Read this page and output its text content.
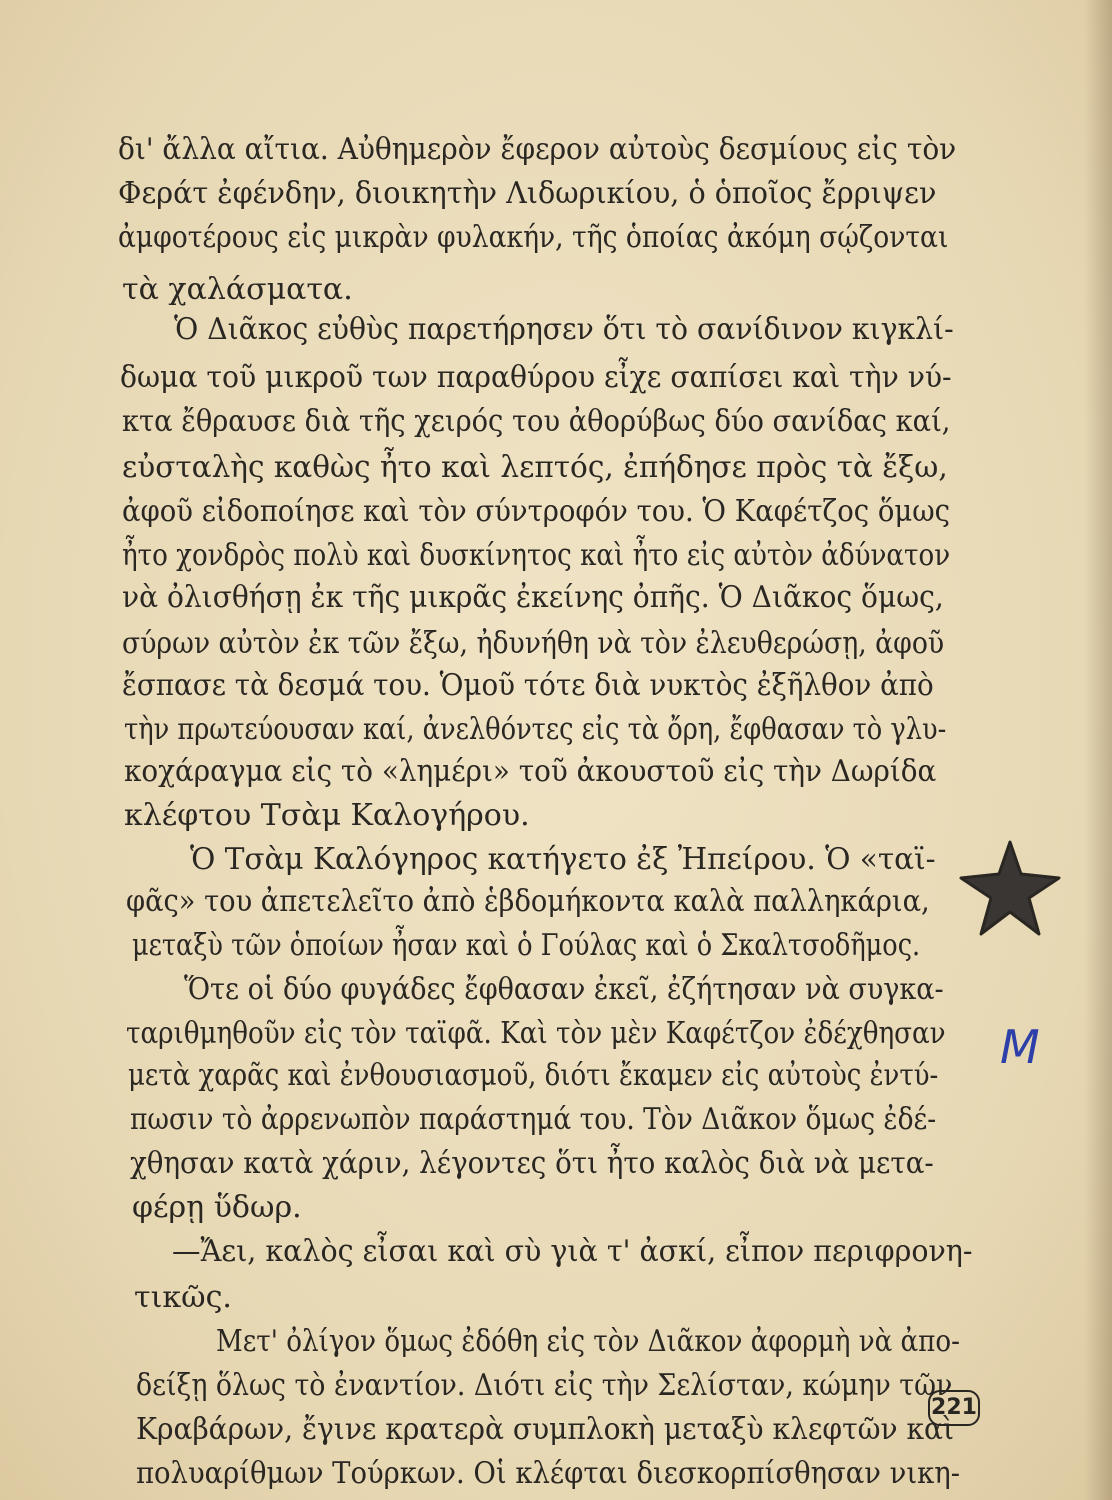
δι' ἄλλα αἴτια. Αὐθημερὸν ἔφερον αὐτοὺς δεσμίους εἰς τὸν
Φεράτ ἐφένδην, διοικητὴν Λιδωρικίου, ὁ ὁποῖος ἔρριψεν
ἀμφοτέρους εἰς μικρὰν φυλακήν, τῆς ὁποίας ἀκόμη σῴζονται
τὰ χαλάσματα.
Ὁ Διᾶκος εὐθὺς παρετήρησεν ὅτι τὸ σανίδινον κιγκλί-
δωμα τοῦ μικροῦ των παραθύρου εἶχε σαπίσει καὶ τὴν νύ-
κτα ἔθραυσε διὰ τῆς χειρός του ἀθορύβως δύο σανίδας καί,
εὐσταλὴς καθὼς ἦτο καὶ λεπτός, ἐπήδησε πρὸς τὰ ἔξω,
ἀφοῦ εἰδοποίησε καὶ τὸν σύντροφόν του. Ὁ Καφέτζος ὅμως
ἦτο χονδρὸς πολὺ καὶ δυσκίνητος καὶ ἦτο εἰς αὐτὸν ἀδύνατον
νὰ ὀλισθήσῃ ἐκ τῆς μικρᾶς ἐκείνης ὀπῆς. Ὁ Διᾶκος ὅμως,
σύρων αὐτὸν ἐκ τῶν ἔξω, ἠδυνήθη νὰ τὸν ἐλευθερώσῃ, ἀφοῦ
ἔσπασε τὰ δεσμά του. Ὁμοῦ τότε διὰ νυκτὸς ἐξῆλθον ἀπὸ
τὴν πρωτεύουσαν καί, ἀνελθόντες εἰς τὰ ὄρη, ἔφθασαν τὸ γλυ-
κοχάραγμα εἰς τὸ «λημέρι» τοῦ ἀκουστοῦ εἰς τὴν Δωρίδα
κλέφτου Τσὰμ Καλογήρου.
Ὁ Τσὰμ Καλόγηρος κατήγετο ἐξ Ἠπείρου. Ὁ «ταϊ-
φᾶς» του ἀπετελεῖτο ἀπὸ ἑβδομήκοντα καλὰ παλληκάρια,
μεταξὺ τῶν ὁποίων ἦσαν καὶ ὁ Γούλας καὶ ὁ Σκαλτσοδῆμος.
Ὅτε οἱ δύο φυγάδες ἔφθασαν ἐκεῖ, ἐζήτησαν νὰ συγκα-
ταριθμηθοῦν εἰς τὸν ταϊφᾶ. Καὶ τὸν μὲν Καφέτζον ἐδέχθησαν
μετὰ χαρᾶς καὶ ἐνθουσιασμοῦ, διότι ἔκαμεν εἰς αὐτοὺς ἐντύ-
πωσιν τὸ ἀρρενωπὸν παράστημά του. Τὸν Διᾶκον ὅμως ἐδέ-
χθησαν κατὰ χάριν, λέγοντες ὅτι ἦτο καλὸς διὰ νὰ μετα-
φέρῃ ὕδωρ.
—Ἄει, καλὸς εἶσαι καὶ σὺ γιὰ τ' ἀσκί, εἶπον περιφρονη-
τικῶς.
Μετ' ὀλίγον ὅμως ἐδόθη εἰς τὸν Διᾶκον ἀφορμὴ νὰ ἀπο-
δείξῃ ὅλως τὸ ἐναντίον. Διότι εἰς τὴν Σελίσταν, κώμην τῶν
Κραβάρων, ἔγινε κρατερὰ συμπλοκὴ μεταξὺ κλεφτῶν καὶ
πολυαρίθμων Τούρκων. Οἱ κλέφται διεσκορπίσθησαν νικη-
Μ
221
